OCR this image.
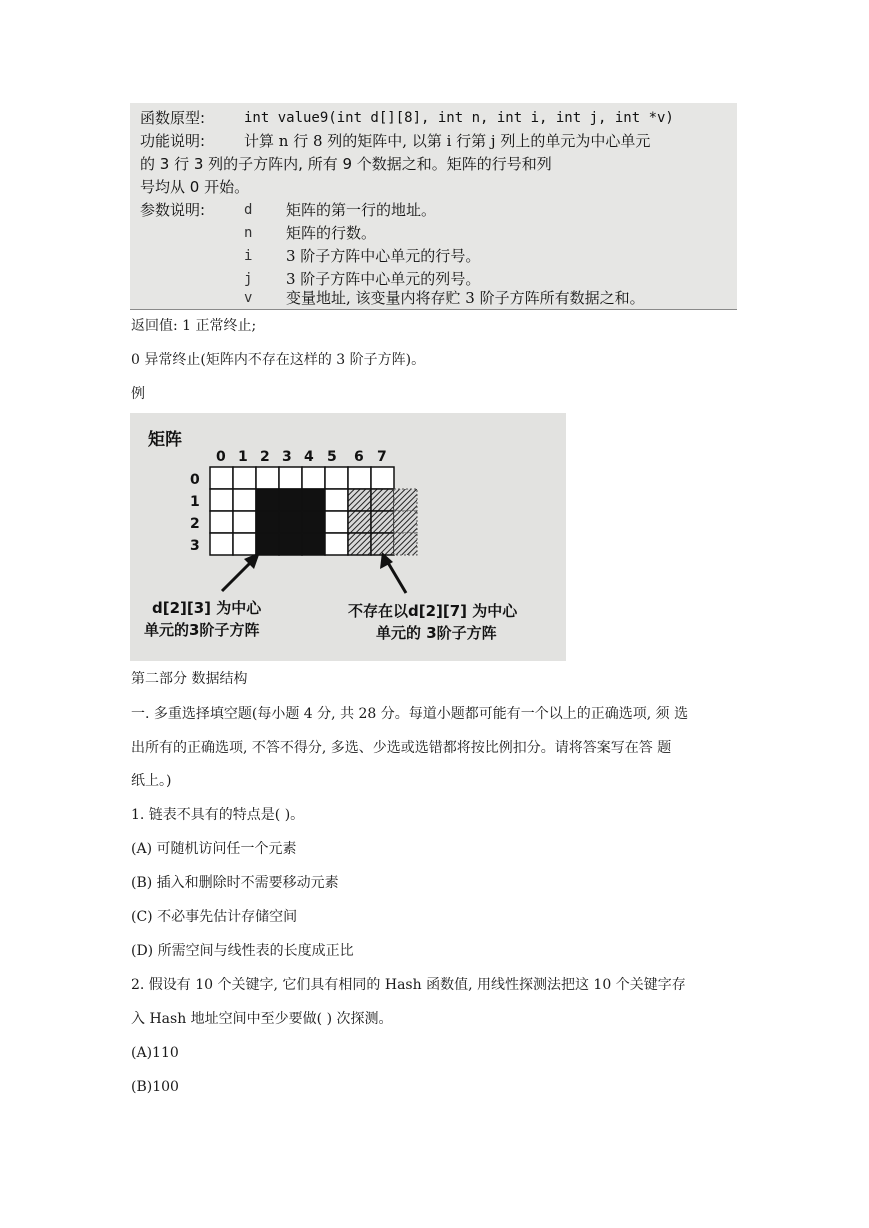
函数原型:	int value9(int d[][8], int n, int i, int j, int *v)
功能说明:	计算 n 行 8 列的矩阵中, 以第 i 行第 j 列上的单元为中心单元
的 3 行 3 列的子方阵内, 所有 9 个数据之和。矩阵的行号和列
号均从 0 开始。
参数说明:	d	矩阵的第一行的地址。
n	矩阵的行数。
i	3 阶子方阵中心单元的行号。
j	3 阶子方阵中心单元的列号。
v	变量地址, 该变量内将存贮 3 阶子方阵所有数据之和。
返回值: 1 正常终止;
0 异常终止(矩阵内不存在这样的 3 阶子方阵)。
例
矩阵
0 1 2 3 4 5 6 7
0
1
2
3
d[2][3] 为中心
单元的3阶子方阵
不存在以d[2][7] 为中心
单元的 3阶子方阵
第二部分 数据结构
一. 多重选择填空题(每小题 4 分, 共 28 分。每道小题都可能有一个以上的正确选项, 须 选
出所有的正确选项, 不答不得分, 多选、少选或选错都将按比例扣分。请将答案写在答 题
纸上。)
1. 链表不具有的特点是( )。
(A) 可随机访问任一个元素
(B) 插入和删除时不需要移动元素
(C) 不必事先估计存储空间
(D) 所需空间与线性表的长度成正比
2. 假设有 10 个关键字, 它们具有相同的 Hash 函数值, 用线性探测法把这 10 个关键字存
入 Hash 地址空间中至少要做( ) 次探测。
(A)110
(B)100
